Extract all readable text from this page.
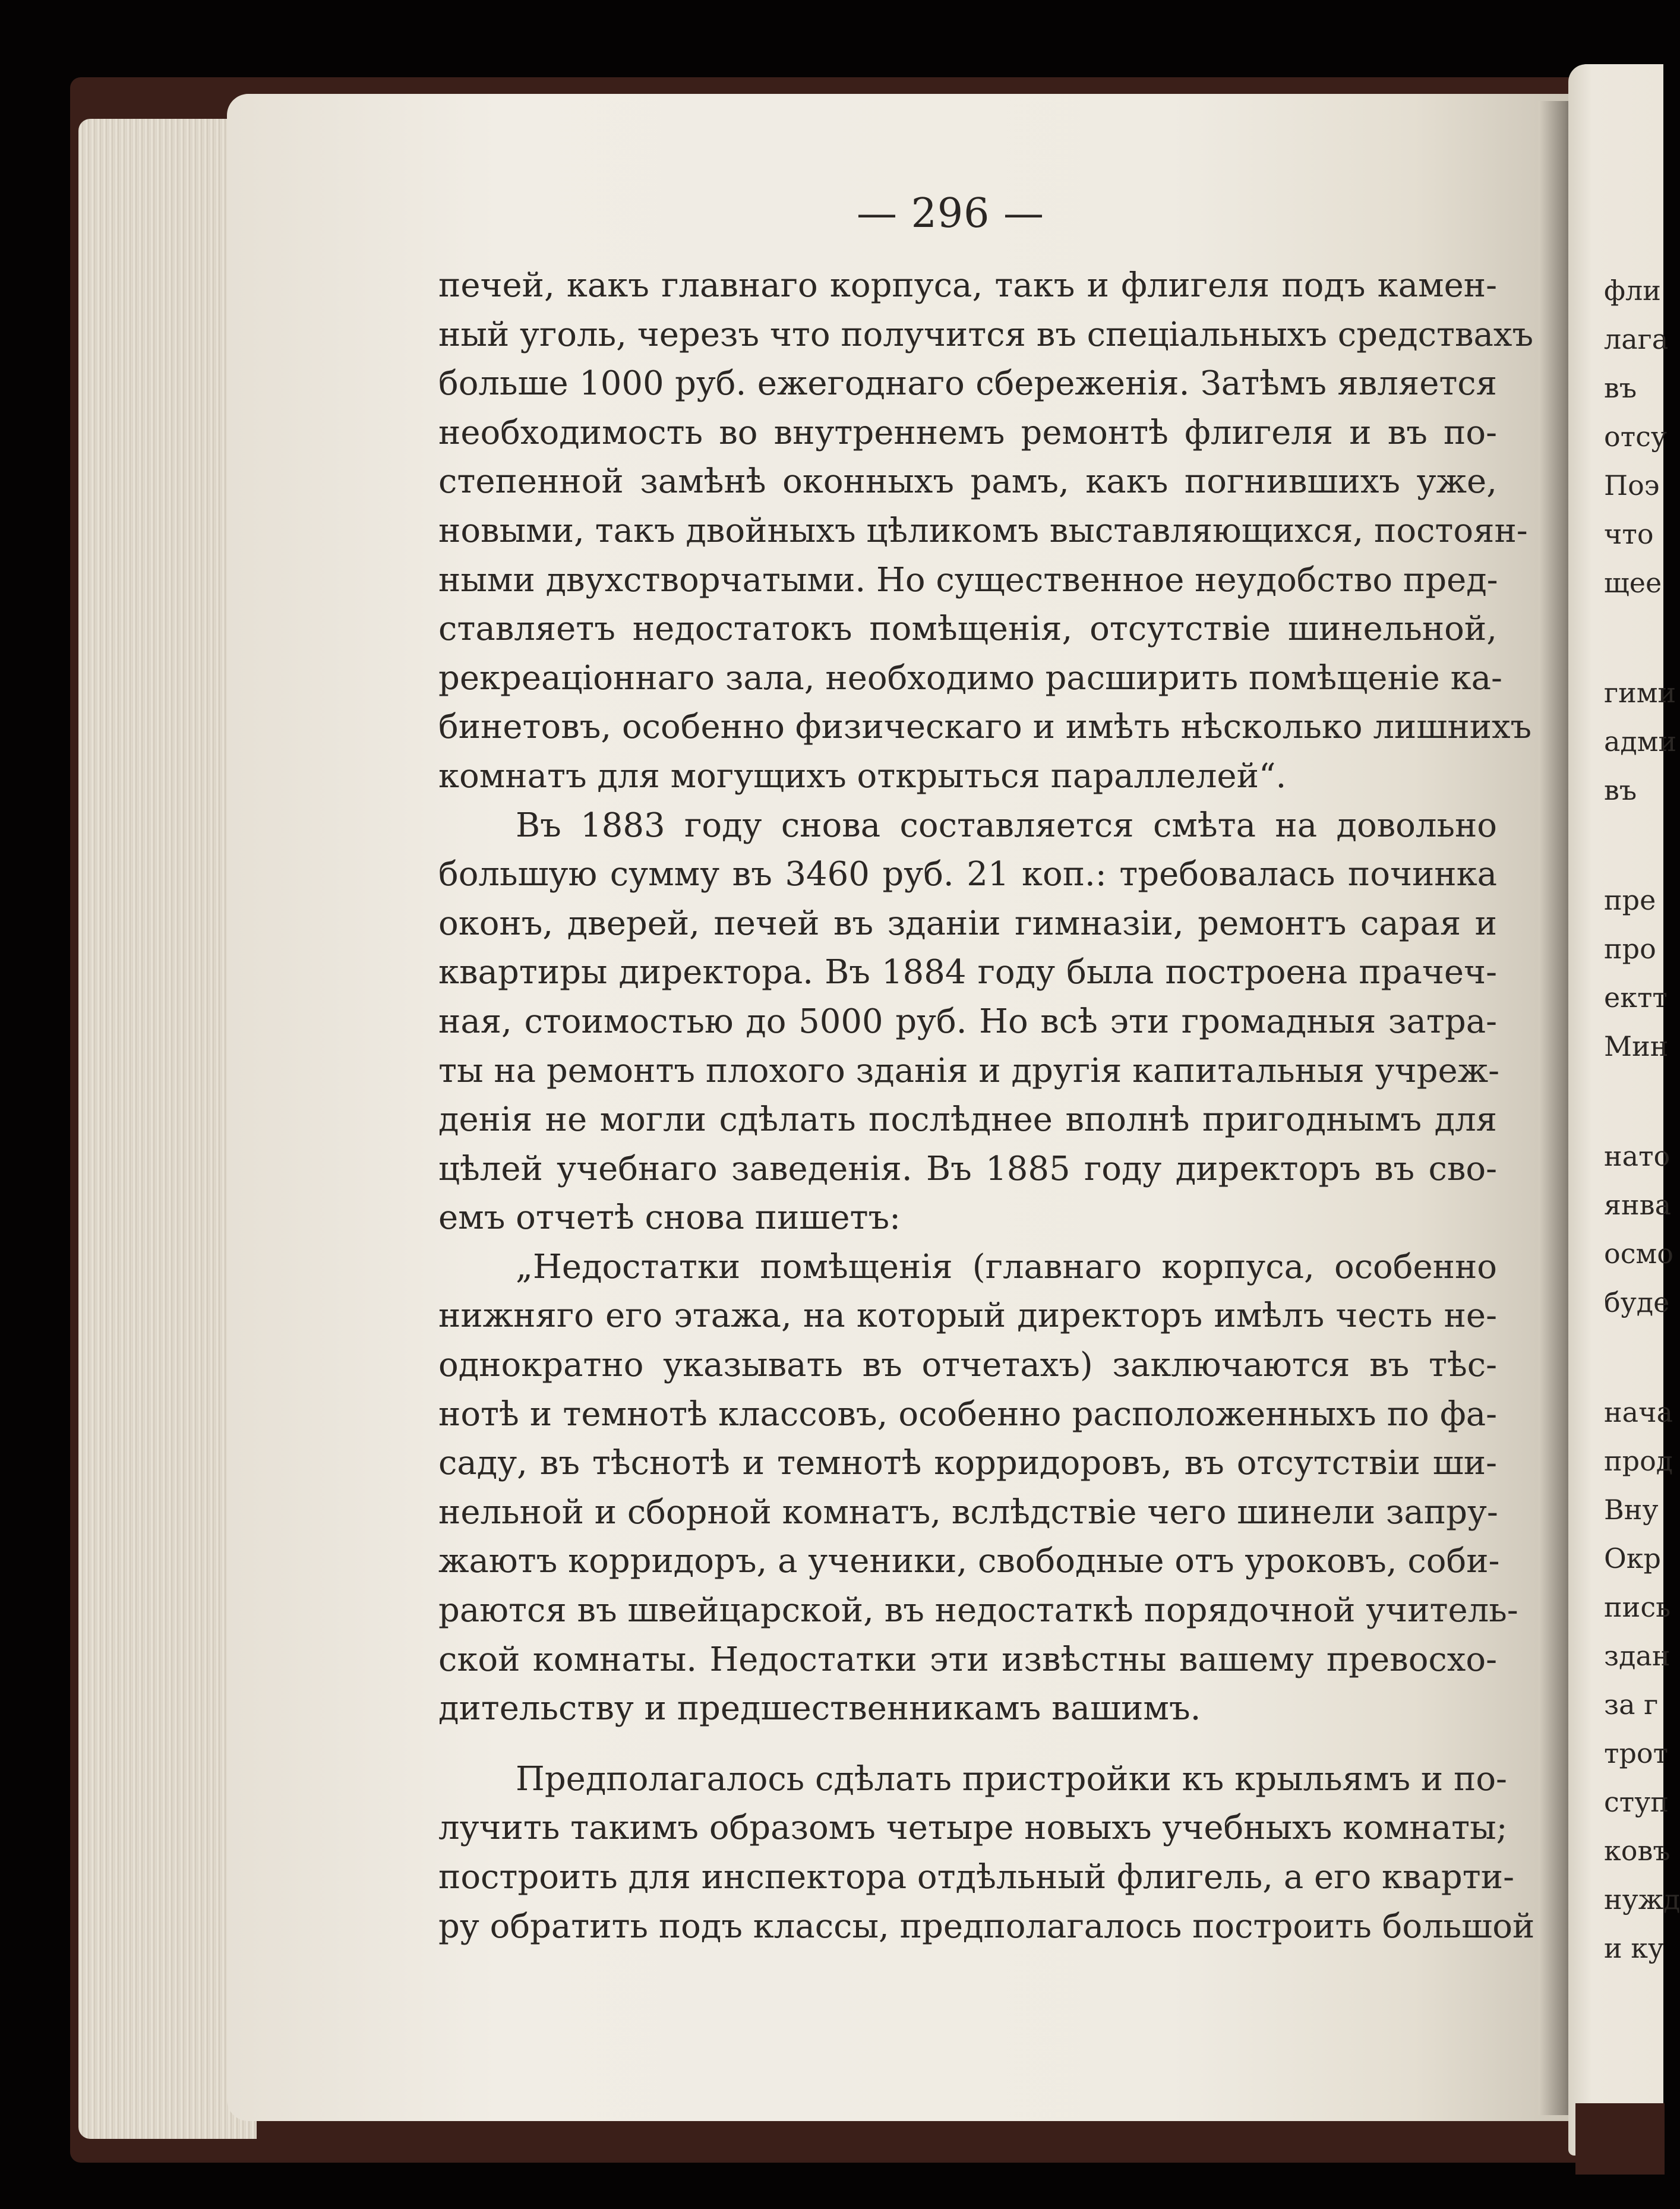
— 296 —
печей, какъ главнаго корпуса, такъ и флигеля подъ камен-
ный уголь, черезъ что получится въ спеціальныхъ средствахъ
больше 1000 руб. ежегоднаго сбереженія. Затѣмъ является
необходимость во внутреннемъ ремонтѣ флигеля и въ по-
степенной замѣнѣ оконныхъ рамъ, какъ погнившихъ уже,
новыми, такъ двойныхъ цѣликомъ выставляющихся, постоян-
ными двухстворчатыми. Но существенное неудобство пред-
ставляетъ недостатокъ помѣщенія, отсутствіе шинельной,
рекреаціоннаго зала, необходимо расширить помѣщеніе ка-
бинетовъ, особенно физическаго и имѣть нѣсколько лишнихъ
комнатъ для могущихъ открыться параллелей“.
Въ 1883 году снова составляется смѣта на довольно
большую сумму въ 3460 руб. 21 коп.: требовалась починка
оконъ, дверей, печей въ зданіи гимназіи, ремонтъ сарая и
квартиры директора. Въ 1884 году была построена прачеч-
ная, стоимостью до 5000 руб. Но всѣ эти громадныя затра-
ты на ремонтъ плохого зданія и другія капитальныя учреж-
денія не могли сдѣлать послѣднее вполнѣ пригоднымъ для
цѣлей учебнаго заведенія. Въ 1885 году директоръ въ сво-
емъ отчетѣ снова пишетъ:
„Недостатки помѣщенія (главнаго корпуса, особенно
нижняго его этажа, на который директоръ имѣлъ честь не-
однократно указывать въ отчетахъ) заключаются въ тѣс-
нотѣ и темнотѣ классовъ, особенно расположенныхъ по фа-
саду, въ тѣснотѣ и темнотѣ корридоровъ, въ отсутствіи ши-
нельной и сборной комнатъ, вслѣдствіе чего шинели запру-
жаютъ корридоръ, а ученики, свободные отъ уроковъ, соби-
раются въ швейцарской, въ недостаткѣ порядочной учитель-
ской комнаты. Недостатки эти извѣстны вашему превосхо-
дительству и предшественникамъ вашимъ.
Предполагалось сдѣлать пристройки къ крыльямъ и по-
лучить такимъ образомъ четыре новыхъ учебныхъ комнаты;
построить для инспектора отдѣльный флигель, а его кварти-
ру обратить подъ классы, предполагалось построить большой
фли
лага
въ
отсу
Поэ
что
щее
гими
адми
въ
пре
про
ектт
Мин
нато
янва
осмо
буде
нача
прод
Вну
Окр
пись
здан
за г
трот
ступ
ковъ
нужд
и ку
